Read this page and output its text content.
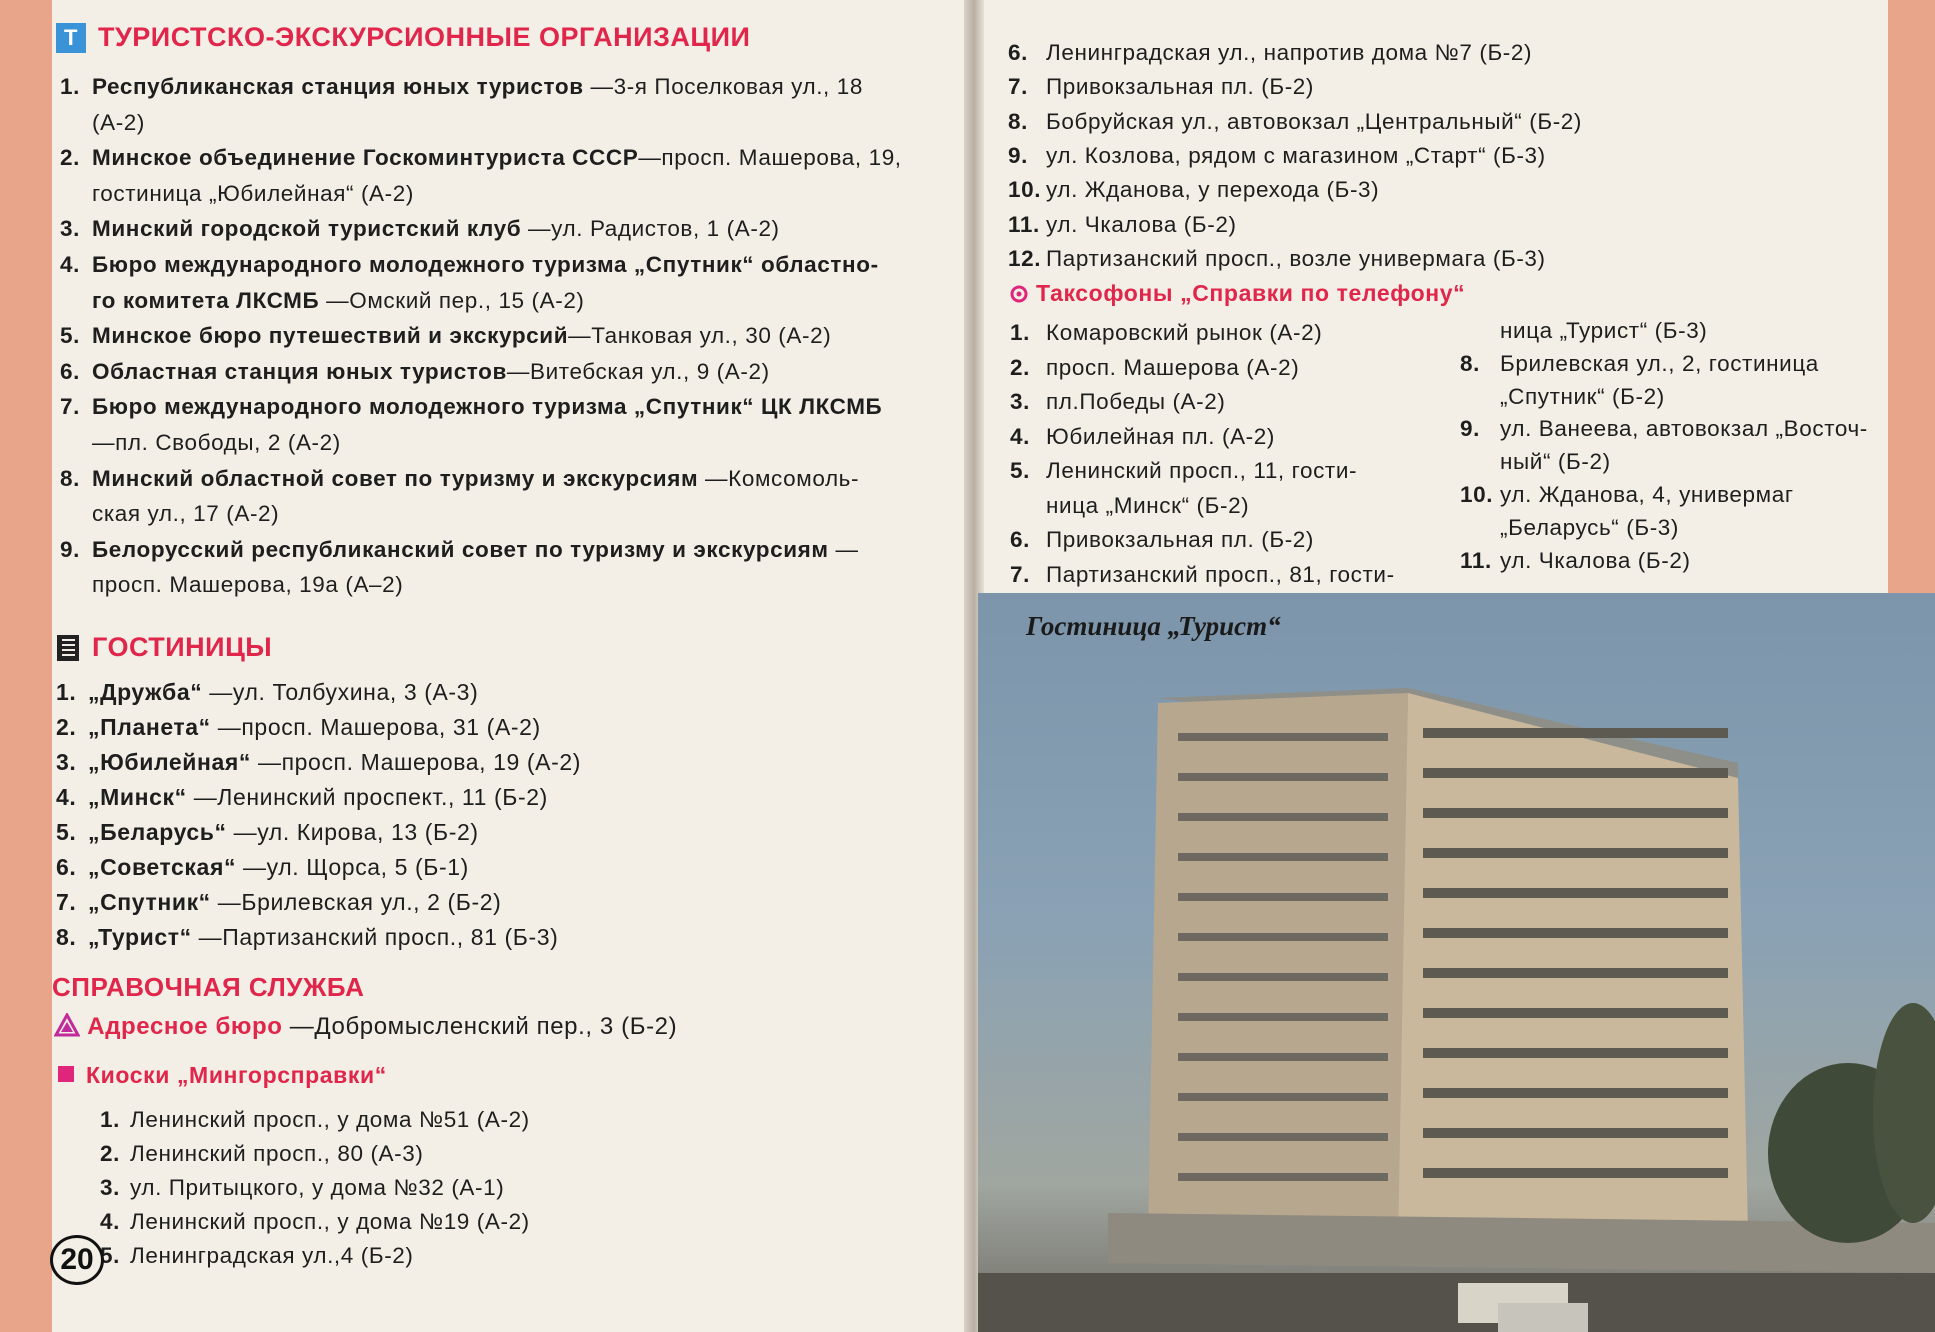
T ТУРИСТСКО-ЭКСКУРСИОННЫЕ ОРГАНИЗАЦИИ
1. Республиканская станция юных туристов —3-я Поселковая ул., 18
(А-2)
2. Минское объединение Госкоминтуриста СССР—просп. Машерова, 19,
гостиница „Юбилейная“ (А-2)
3. Минский городской туристский клуб —ул. Радистов, 1 (А-2)
4. Бюро международного молодежного туризма „Спутник“ областно-
го комитета ЛКСМБ —Омский пер., 15 (А-2)
5. Минское бюро путешествий и экскурсий—Танковая ул., 30 (А-2)
6. Областная станция юных туристов—Витебская ул., 9 (А-2)
7. Бюро международного молодежного туризма „Спутник“ ЦК ЛКСМБ
—пл. Свободы, 2 (А-2)
8. Минский областной совет по туризму и экскурсиям —Комсомоль-
ская ул., 17 (А-2)
9. Белорусский республиканский совет по туризму и экскурсиям —
просп. Машерова, 19а (А–2)
ГОСТИНИЦЫ
1. „Дружба“ —ул. Толбухина, 3 (А-3)
2. „Планета“ —просп. Машерова, 31 (А-2)
3. „Юбилейная“ —просп. Машерова, 19 (А-2)
4. „Минск“ —Ленинский проспект., 11 (Б-2)
5. „Беларусь“ —ул. Кирова, 13 (Б-2)
6. „Советская“ —ул. Щорса, 5 (Б-1)
7. „Спутник“ —Брилевская ул., 2 (Б-2)
8. „Турист“ —Партизанский просп., 81 (Б-3)
СПРАВОЧНАЯ СЛУЖБА
Адресное бюро —Добромысленский пер., 3 (Б-2)
Киоски „Мингорсправки“
1. Ленинский просп., у дома №51 (А-2)
2. Ленинский просп., 80 (А-3)
3. ул. Притыцкого, у дома №32 (А-1)
4. Ленинский просп., у дома №19 (А-2)
5. Ленинградская ул.,4 (Б-2)
20
6. Ленинградская ул., напротив дома №7 (Б-2)
7. Привокзальная пл. (Б-2)
8. Бобруйская ул., автовокзал „Центральный“ (Б-2)
9. ул. Козлова, рядом с магазином „Старт“ (Б-3)
10. ул. Жданова, у перехода (Б-3)
11. ул. Чкалова (Б-2)
12. Партизанский просп., возле универмага (Б-3)
Таксофоны „Справки по телефону“
1. Комаровский рынок (А-2)
2. просп. Машерова (А-2)
3. пл.Победы (А-2)
4. Юбилейная пл. (А-2)
5. Ленинский просп., 11, гости-
ница „Минск“ (Б-2)
6. Привокзальная пл. (Б-2)
7. Партизанский просп., 81, гости-
ница „Турист“ (Б-3)
8. Брилевская ул., 2, гостиница
„Спутник“ (Б-2)
9. ул. Ванеева, автовокзал „Восточ-
ный“ (Б-2)
10. ул. Жданова, 4, универмаг
„Беларусь“ (Б-3)
11. ул. Чкалова (Б-2)
Гостиница „Турист“
